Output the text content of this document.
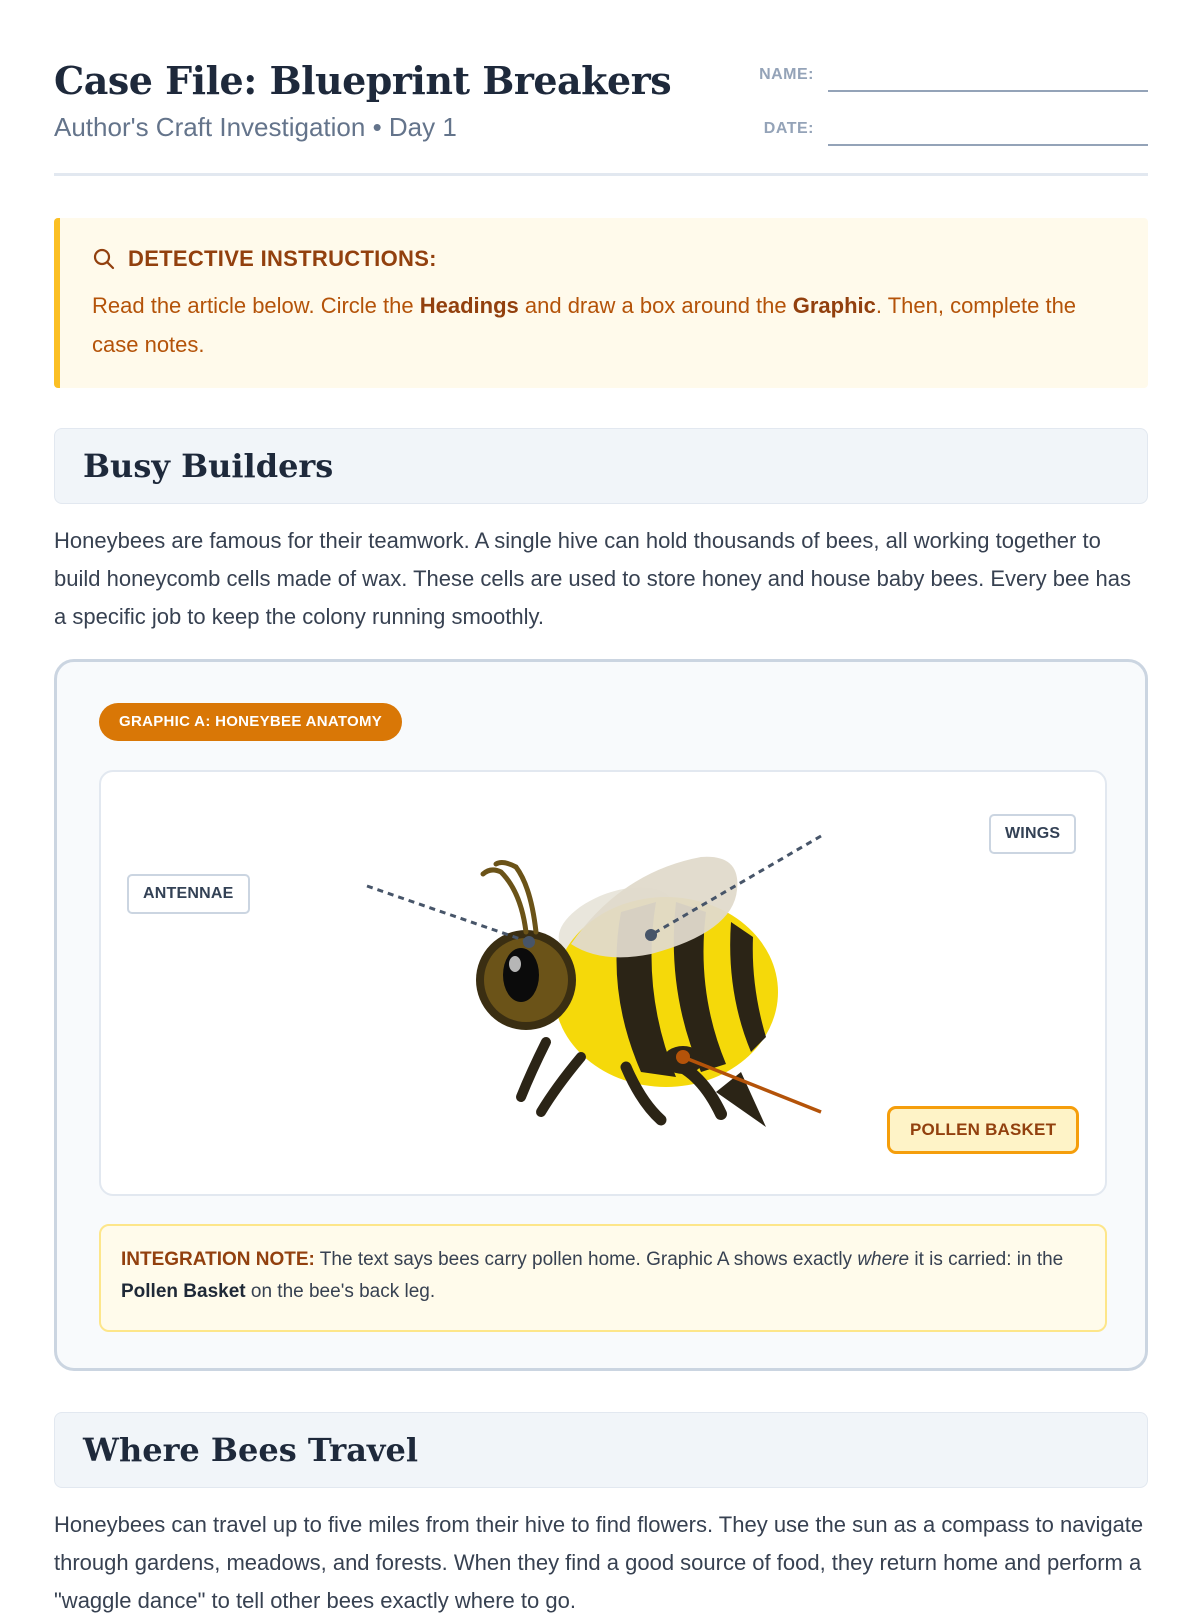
Case File: Blueprint Breakers
Author's Craft Investigation • Day 1
NAME:
DATE:
DETECTIVE INSTRUCTIONS:
Read the article below. Circle the Headings and draw a box around the Graphic. Then, complete the case notes.
Busy Builders
Honeybees are famous for their teamwork. A single hive can hold thousands of bees, all working together to build honeycomb cells made of wax. These cells are used to store honey and house baby bees. Every bee has a specific job to keep the colony running smoothly.
GRAPHIC A: HONEYBEE ANATOMY
ANTENNAE
WINGS
POLLEN BASKET
INTEGRATION NOTE: The text says bees carry pollen home. Graphic A shows exactly where it is carried: in the Pollen Basket on the bee's back leg.
Where Bees Travel
Honeybees can travel up to five miles from their hive to find flowers. They use the sun as a compass to navigate through gardens, meadows, and forests. When they find a good source of food, they return home and perform a "waggle dance" to tell other bees exactly where to go.
